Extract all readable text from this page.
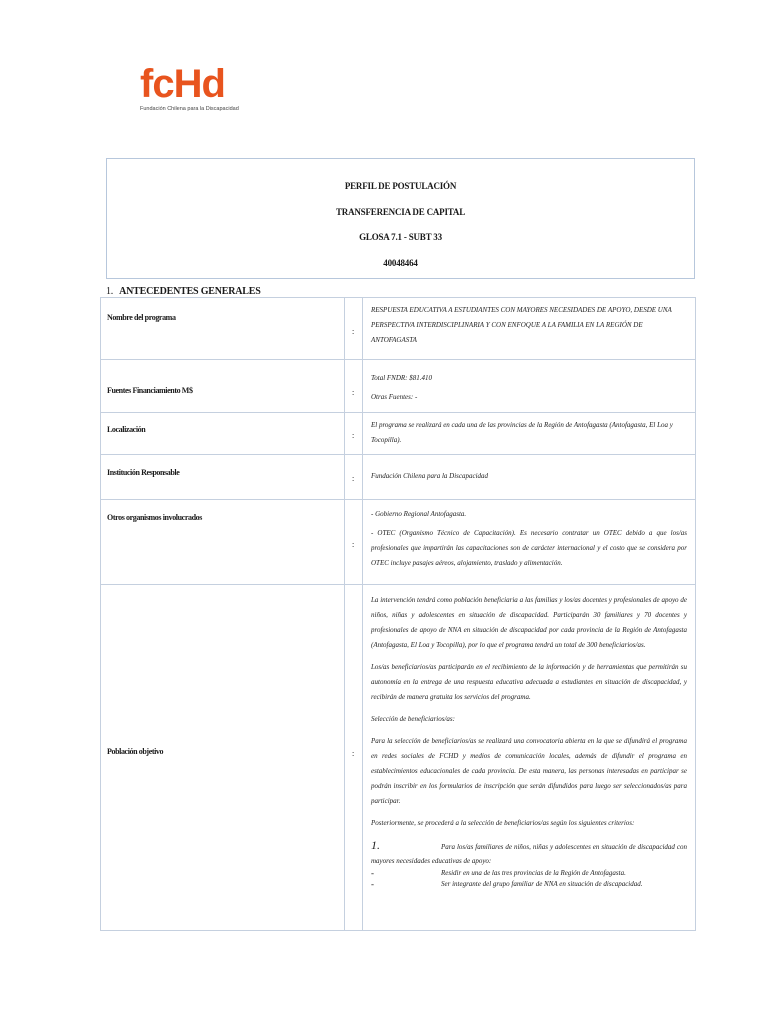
fcHd
Fundación Chilena para la Discapacidad
PERFIL DE POSTULACIÓN
TRANSFERENCIA DE CAPITAL
GLOSA 7.1 - SUBT 33
40048464
1. ANTECEDENTES GENERALES
Nombre del programa
:

RESPUESTA EDUCATIVA A ESTUDIANTES CON MAYORES NECESIDADES DE APOYO, DESDE UNA PERSPECTIVA INTERDISCIPLINARIA Y CON ENFOQUE A LA FAMILIA EN LA REGIÓN DE ANTOFAGASTA

Fuentes Financiamiento M$	:

Total FNDR: $81.410

Otras Fuentes: -

Localización
:

El programa se realizará en cada una de las provincias de la Región de Antofagasta (Antofagasta, El Loa y Tocopilla).

Institución Responsable
: Fundación Chilena para la Discapacidad

Otros organismos involucrados
:

- Gobierno Regional Antofagasta.

- OTEC (Organismo Técnico de Capacitación). Es necesario contratar un OTEC debido a que los/as profesionales que impartirán las capacitaciones son de carácter internacional y el costo que se considera por OTEC incluye pasajes aéreos, alojamiento, traslado y alimentación.

Población objetivo	:

La intervención tendrá como población beneficiaria a las familias y los/as docentes y profesionales de apoyo de niños, niñas y adolescentes en situación de discapacidad. Participarán 30 familiares y 70 docentes y profesionales de apoyo de NNA en situación de discapacidad por cada provincia de la Región de Antofagasta (Antofagasta, El Loa y Tocopilla), por lo que el programa tendrá un total de 300 beneficiarios/as.

Los/as beneficiarios/as participarán en el recibimiento de la información y de herramientas que permitirán su autonomía en la entrega de una respuesta educativa adecuada a estudiantes en situación de discapacidad, y recibirán de manera gratuita los servicios del programa.

Selección de beneficiarios/as:

Para la selección de beneficiarios/as se realizará una convocatoria abierta en la que se difundirá el programa en redes sociales de FCHD y medios de comunicación locales, además de difundir el programa en establecimientos educacionales de cada provincia. De esta manera, las personas interesadas en participar se podrán inscribir en los formularios de inscripción que serán difundidos para luego ser seleccionados/as para participar.

Posteriormente, se procederá a la selección de beneficiarios/as según los siguientes criterios:

1.	Para los/as familiares de niños, niñas y adolescentes en situación de discapacidad con mayores necesidades educativas de apoyo:

-	Residir en una de las tres provincias de la Región de Antofagasta.
-	Ser integrante del grupo familiar de NNA en situación de discapacidad.
